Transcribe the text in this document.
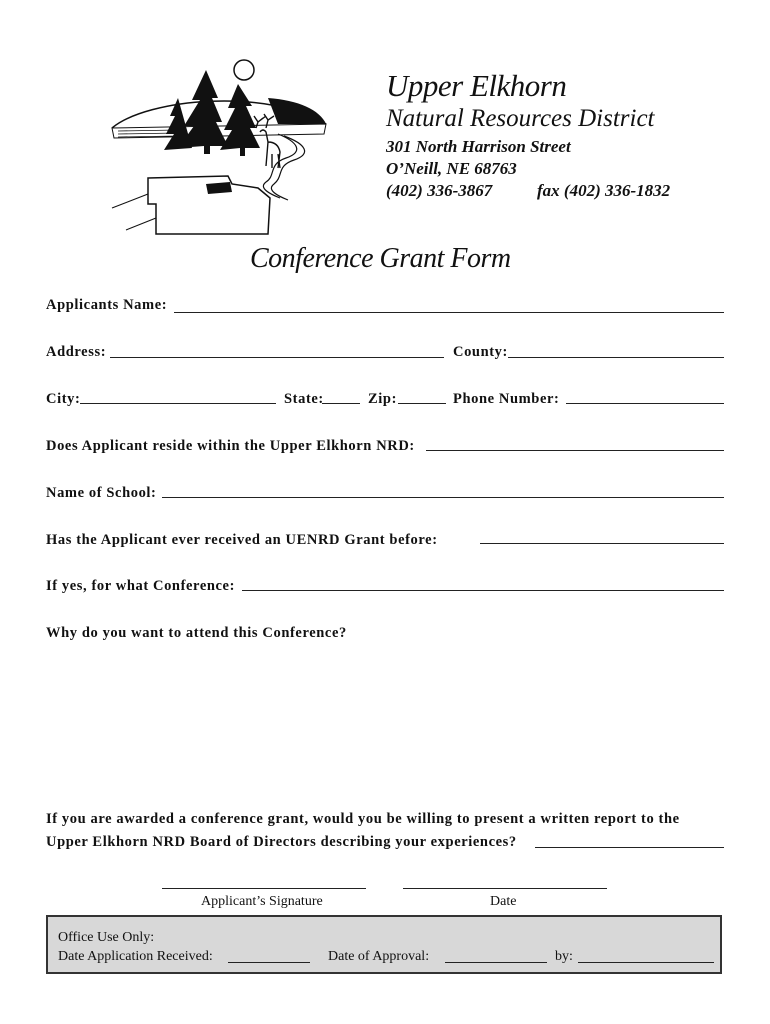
Upper Elkhorn
Natural Resources District
301 North Harrison Street
O’Neill, NE 68763
(402) 336-3867	fax (402) 336-1832
Conference Grant Form
Applicants Name:
Address:	County:
City:	State:	Zip:	Phone Number:
Does Applicant reside within the Upper Elkhorn NRD:
Name of School:
Has the Applicant ever received an UENRD Grant before:
If yes, for what Conference:
Why do you want to attend this Conference?
If you are awarded a conference grant, would you be willing to present a written report to the
Upper Elkhorn NRD Board of Directors describing your experiences?
Applicant’s Signature	Date
Office Use Only:
Date Application Received:	Date of Approval:	by:
